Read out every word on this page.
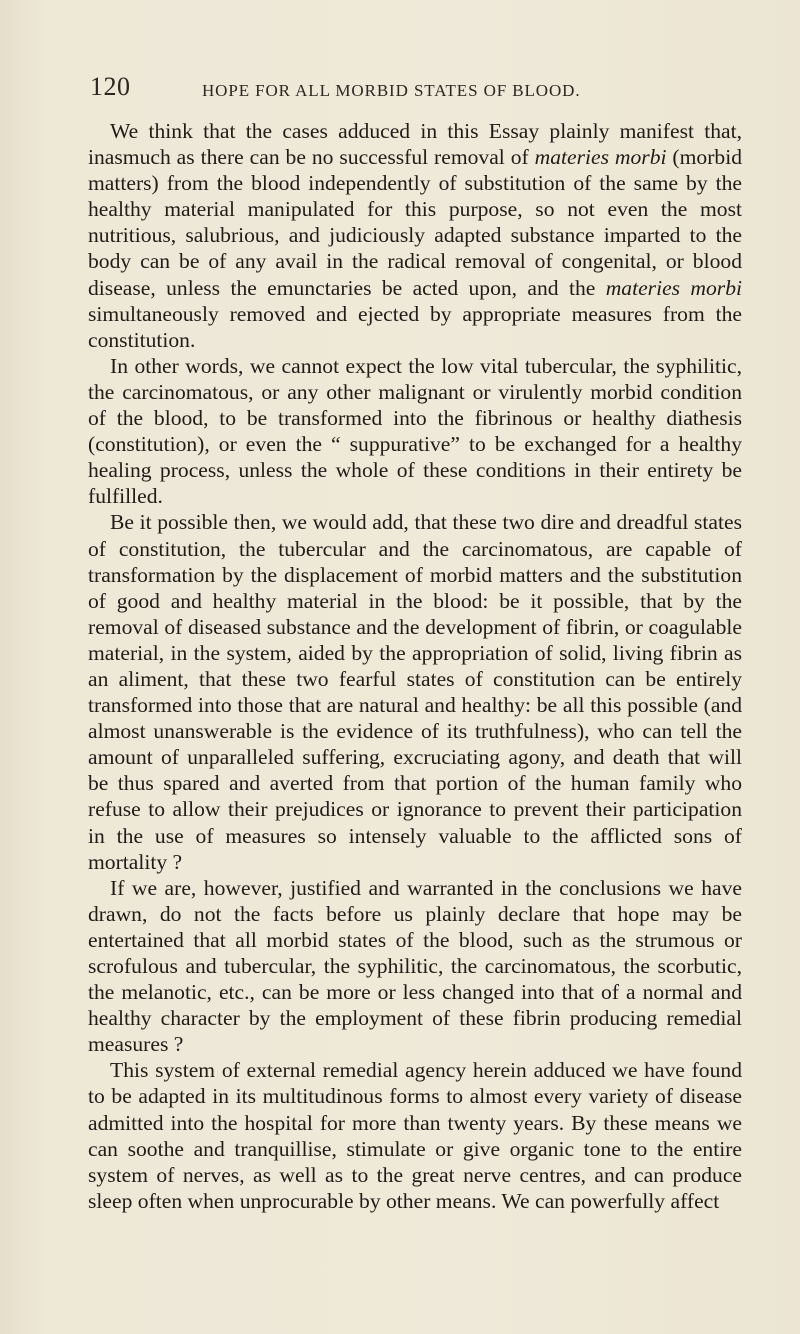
120	HOPE FOR ALL MORBID STATES OF BLOOD.

We think that the cases adduced in this Essay plainly manifest that, inasmuch as there can be no successful removal of materies morbi (morbid matters) from the blood independently of substitution of the same by the healthy material manipulated for this purpose, so not even the most nutritious, salubrious, and judiciously adapted substance imparted to the body can be of any avail in the radical removal of congenital, or blood disease, unless the emunctaries be acted upon, and the materies morbi simultaneously removed and ejected by appropriate measures from the constitution.

In other words, we cannot expect the low vital tubercular, the syphilitic, the carcinomatous, or any other malignant or virulently morbid condition of the blood, to be transformed into the fibrinous or healthy diathesis (constitution), or even the “ suppurative” to be exchanged for a healthy healing process, unless the whole of these conditions in their entirety be fulfilled.

Be it possible then, we would add, that these two dire and dreadful states of constitution, the tubercular and the carcinomatous, are capable of transformation by the displacement of morbid matters and the substitution of good and healthy material in the blood: be it possible, that by the removal of diseased substance and the development of fibrin, or coagulable material, in the system, aided by the appropriation of solid, living fibrin as an aliment, that these two fearful states of constitution can be entirely transformed into those that are natural and healthy: be all this possible (and almost unanswerable is the evidence of its truthfulness), who can tell the amount of unparalleled suffering, excruciating agony, and death that will be thus spared and averted from that portion of the human family who refuse to allow their prejudices or ignorance to prevent their participation in the use of measures so intensely valuable to the afflicted sons of mortality ?

If we are, however, justified and warranted in the conclusions we have drawn, do not the facts before us plainly declare that hope may be entertained that all morbid states of the blood, such as the strumous or scrofulous and tubercular, the syphilitic, the carcinomatous, the scorbutic, the melanotic, etc., can be more or less changed into that of a normal and healthy character by the employment of these fibrin producing remedial measures ?

This system of external remedial agency herein adduced we have found to be adapted in its multitudinous forms to almost every variety of disease admitted into the hospital for more than twenty years. By these means we can soothe and tranquillise, stimulate or give organic tone to the entire system of nerves, as well as to the great nerve centres, and can produce sleep often when unprocurable by other means. We can powerfully affect
